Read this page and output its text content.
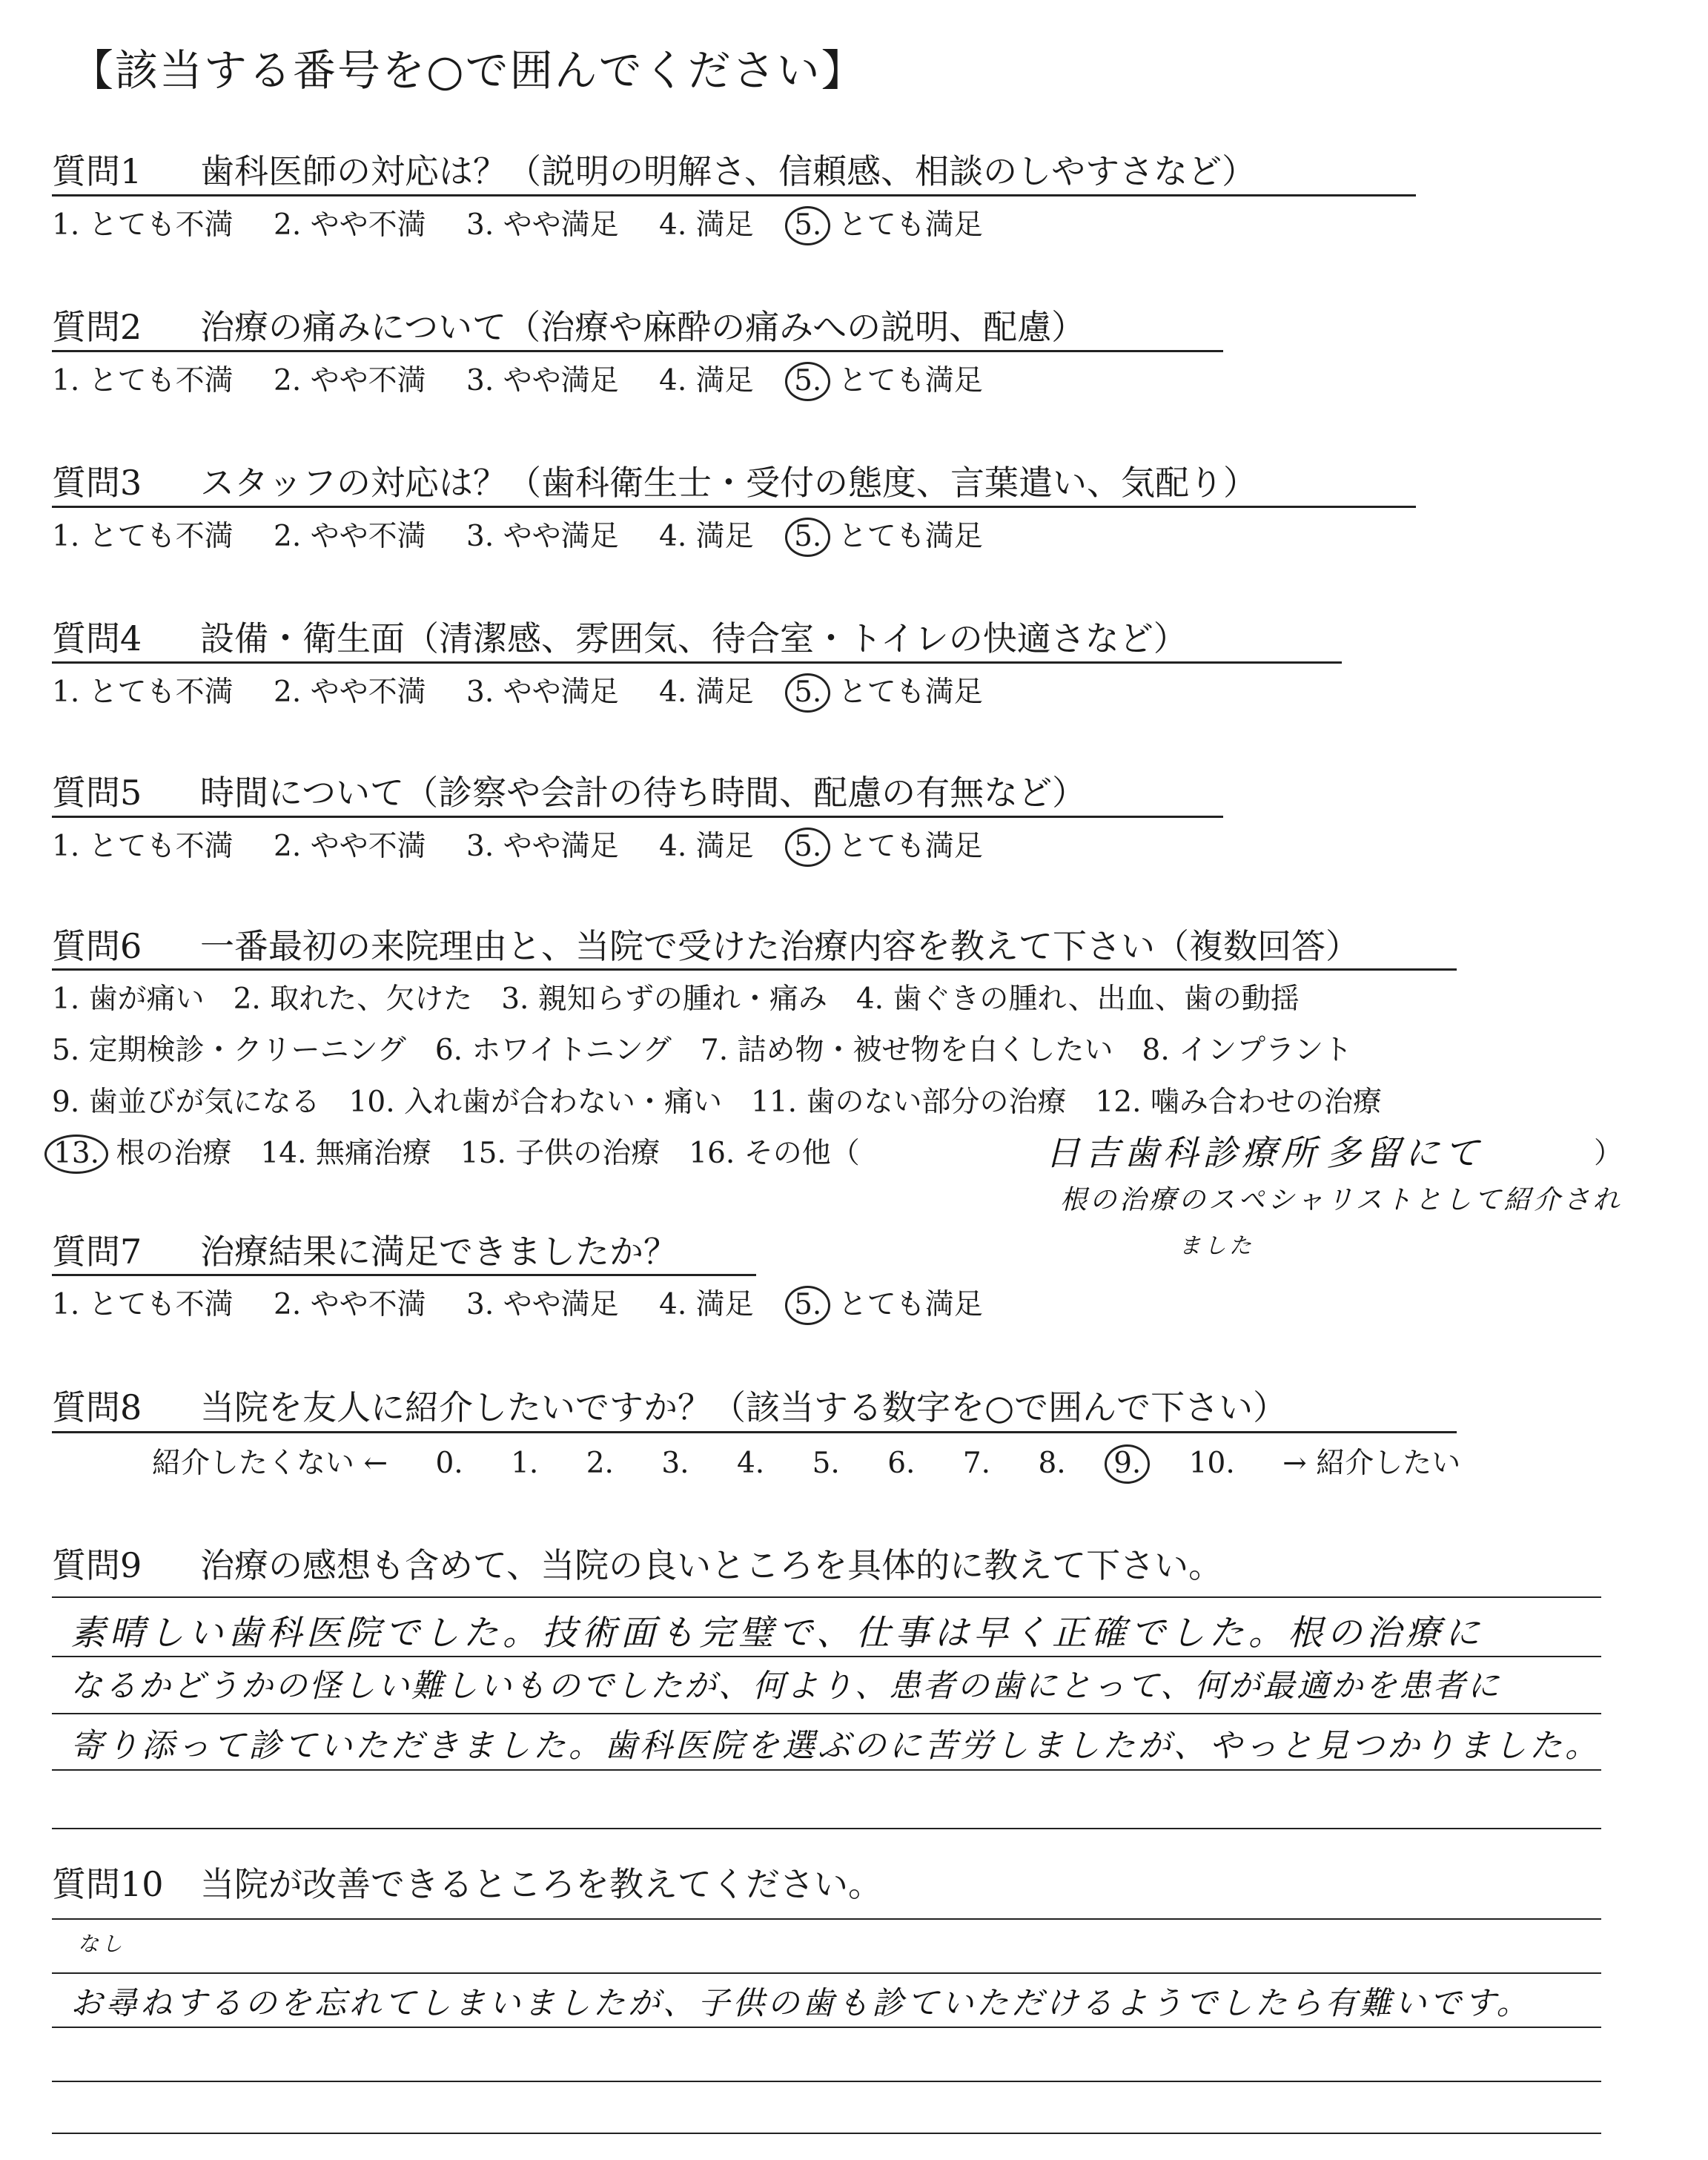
【該当する番号を○で囲んでください】
質問1 歯科医師の対応は？（説明の明解さ、信頼感、相談のしやすさなど）
1. とても不満 2. やや不満 3. やや満足 4. 満足 5. とても満足
質問2 治療の痛みについて（治療や麻酔の痛みへの説明、配慮）
1. とても不満 2. やや不満 3. やや満足 4. 満足 5. とても満足
質問3 スタッフの対応は？（歯科衛生士・受付の態度、言葉遣い、気配り）
1. とても不満 2. やや不満 3. やや満足 4. 満足 5. とても満足
質問4 設備・衛生面（清潔感、雰囲気、待合室・トイレの快適さなど）
1. とても不満 2. やや不満 3. やや満足 4. 満足 5. とても満足
質問5 時間について（診察や会計の待ち時間、配慮の有無など）
1. とても不満 2. やや不満 3. やや満足 4. 満足 5. とても満足
質問6 一番最初の来院理由と、当院で受けた治療内容を教えて下さい（複数回答）
1. 歯が痛い　2. 取れた、欠けた　3. 親知らずの腫れ・痛み　4. 歯ぐきの腫れ、出血、歯の動揺
5. 定期検診・クリーニング　6. ホワイトニング　7. 詰め物・被せ物を白くしたい　8. インプラント
9. 歯並びが気になる　10. 入れ歯が合わない・痛い　11. 歯のない部分の治療　12. 噛み合わせの治療
13. 根の治療　14. 無痛治療　15. 子供の治療　16. その他（	日吉歯科診療所 多留にて	）
根の治療のスペシャリストとして紹介され
ました
質問7 治療結果に満足できましたか？
1. とても不満 2. やや不満 3. やや満足 4. 満足 5. とても満足
質問8 当院を友人に紹介したいですか？（該当する数字を○で囲んで下さい）
紹介したくない ← 0. 1. 2. 3. 4. 5. 6. 7. 8. 9. 10. → 紹介したい
質問9 治療の感想も含めて、当院の良いところを具体的に教えて下さい。
素晴しい歯科医院でした。技術面も完璧で、仕事は早く正確でした。根の治療に
なるかどうかの怪しい難しいものでしたが、何より、患者の歯にとって、何が最適かを患者に
寄り添って診ていただきました。歯科医院を選ぶのに苦労しましたが、やっと見つかりました。
質問10 当院が改善できるところを教えてください。
なし
お尋ねするのを忘れてしまいましたが、子供の歯も診ていただけるようでしたら有難いです。
